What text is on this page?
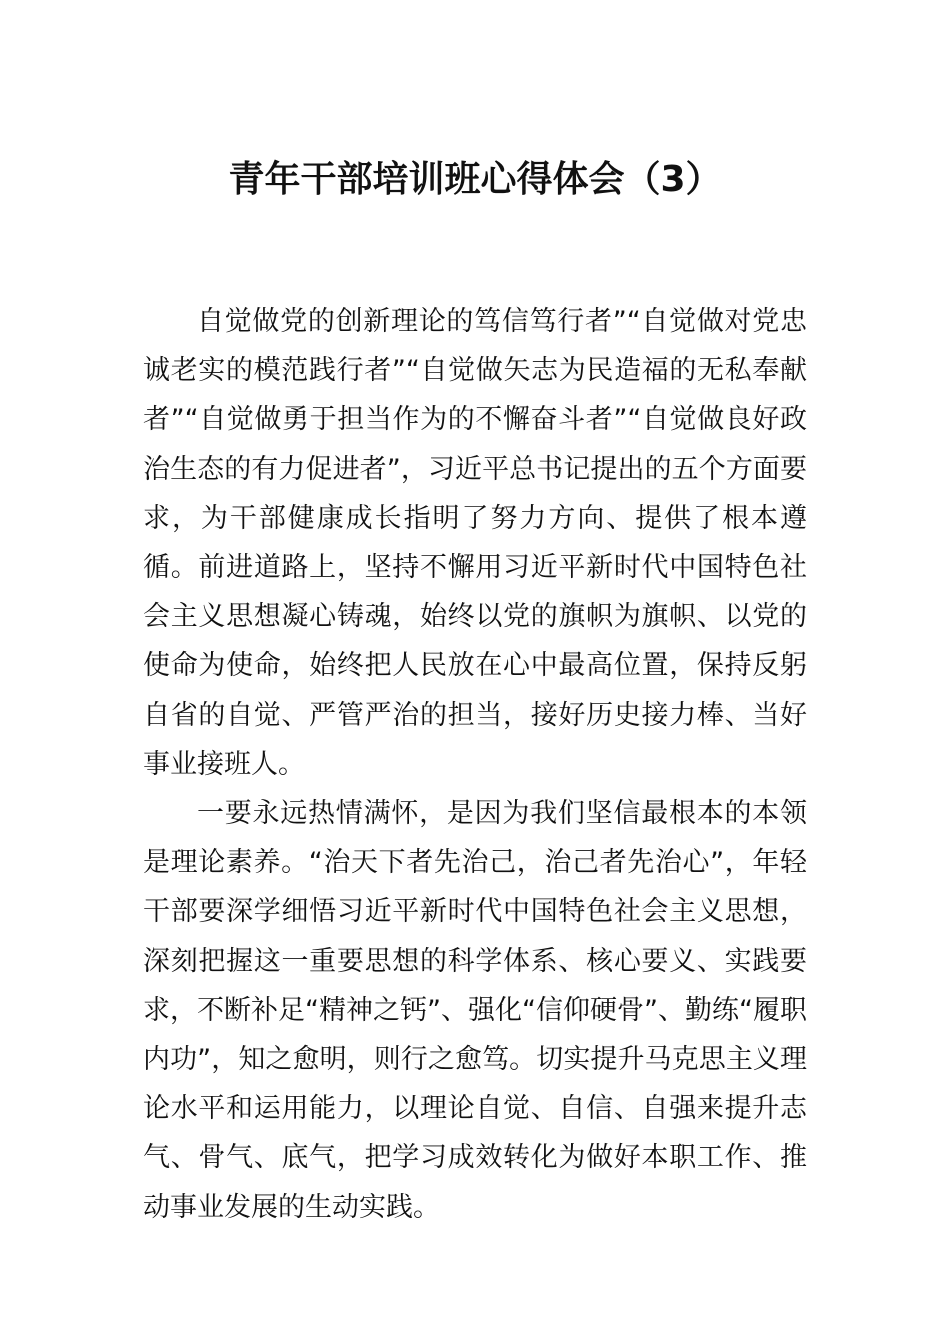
青年干部培训班心得体会（3）

自觉做党的创新理论的笃信笃行者”“自觉做对党忠诚老实的模范践行者”“自觉做矢志为民造福的无私奉献者”“自觉做勇于担当作为的不懈奋斗者”“自觉做良好政治生态的有力促进者”，习近平总书记提出的五个方面要求，为干部健康成长指明了努力方向、提供了根本遵循。前进道路上，坚持不懈用习近平新时代中国特色社会主义思想凝心铸魂，始终以党的旗帜为旗帜、以党的使命为使命，始终把人民放在心中最高位置，保持反躬自省的自觉、严管严治的担当，接好历史接力棒、当好事业接班人。

一要永远热情满怀，是因为我们坚信最根本的本领是理论素养。“治天下者先治己，治己者先治心”，年轻干部要深学细悟习近平新时代中国特色社会主义思想，深刻把握这一重要思想的科学体系、核心要义、实践要求，不断补足“精神之钙”、强化“信仰硬骨”、勤练“履职内功”，知之愈明，则行之愈笃。切实提升马克思主义理论水平和运用能力，以理论自觉、自信、自强来提升志气、骨气、底气，把学习成效转化为做好本职工作、推动事业发展的生动实践。
